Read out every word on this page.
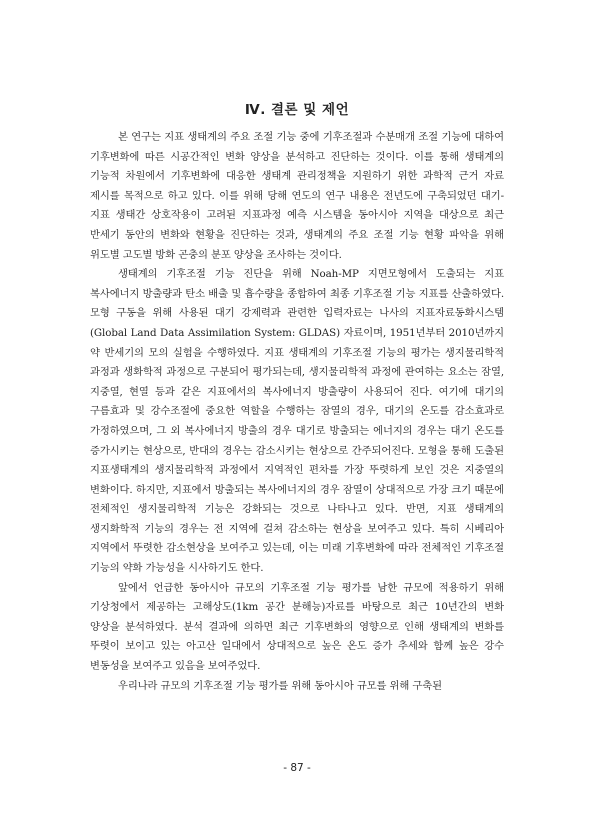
Ⅳ. 결론 및 제언

본 연구는 지표 생태계의 주요 조절 기능 중에 기후조절과 수분매개 조절 기능에 대하여 기후변화에 따른 시공간적인 변화 양상을 분석하고 진단하는 것이다. 이를 통해 생태계의 기능적 차원에서 기후변화에 대응한 생태계 관리정책을 지원하기 위한 과학적 근거 자료 제시를 목적으로 하고 있다. 이를 위해 당해 연도의 연구 내용은 전년도에 구축되었던 대기-지표 생태간 상호작용이 고려된 지표과정 예측 시스템을 동아시아 지역을 대상으로 최근 반세기 동안의 변화와 현황을 진단하는 것과, 생태계의 주요 조절 기능 현황 파악을 위해 위도별 고도별 방화 곤충의 분포 양상을 조사하는 것이다.

생태계의 기후조절 기능 진단을 위해 Noah-MP 지면모형에서 도출되는 지표 복사에너지 방출량과 탄소 배출 및 흡수량을 종합하여 최종 기후조절 기능 지표를 산출하였다. 모형 구동을 위해 사용된 대기 강제력과 관련한 입력자료는 나사의 지표자료동화시스템(Global Land Data Assimilation System: GLDAS) 자료이며, 1951년부터 2010년까지 약 반세기의 모의 실험을 수행하였다. 지표 생태계의 기후조절 기능의 평가는 생지물리학적 과정과 생화학적 과정으로 구분되어 평가되는데, 생지물리학적 과정에 관여하는 요소는 잠열, 지중열, 현열 등과 같은 지표에서의 복사에너지 방출량이 사용되어 진다. 여기에 대기의 구름효과 및 강수조절에 중요한 역할을 수행하는 잠열의 경우, 대기의 온도를 감소효과로 가정하였으며, 그 외 복사에너지 방출의 경우 대기로 방출되는 에너지의 경우는 대기 온도를 증가시키는 현상으로, 반대의 경우는 감소시키는 현상으로 간주되어진다. 모형을 통해 도출된 지표생태계의 생지물리학적 과정에서 지역적인 편차를 가장 뚜렷하게 보인 것은 지중열의 변화이다. 하지만, 지표에서 방출되는 복사에너지의 경우 잠열이 상대적으로 가장 크기 때문에 전체적인 생지물리학적 기능은 강화되는 것으로 나타나고 있다. 반면, 지표 생태계의 생지화학적 기능의 경우는 전 지역에 걸쳐 감소하는 현상을 보여주고 있다. 특히 시베리아 지역에서 뚜렷한 감소현상을 보여주고 있는데, 이는 미래 기후변화에 따라 전체적인 기후조절 기능의 약화 가능성을 시사하기도 한다.

앞에서 언급한 동아시아 규모의 기후조절 기능 평가를 남한 규모에 적용하기 위해 기상청에서 제공하는 고해상도(1km 공간 분해능)자료를 바탕으로 최근 10년간의 변화 양상을 분석하였다. 분석 결과에 의하면 최근 기후변화의 영향으로 인해 생태계의 변화를 뚜렷이 보이고 있는 아고산 일대에서 상대적으로 높은 온도 증가 추세와 함께 높은 강수 변동성을 보여주고 있음을 보여주었다.

우리나라 규모의 기후조절 기능 평가를 위해 동아시아 규모를 위해 구축된

- 87 -
